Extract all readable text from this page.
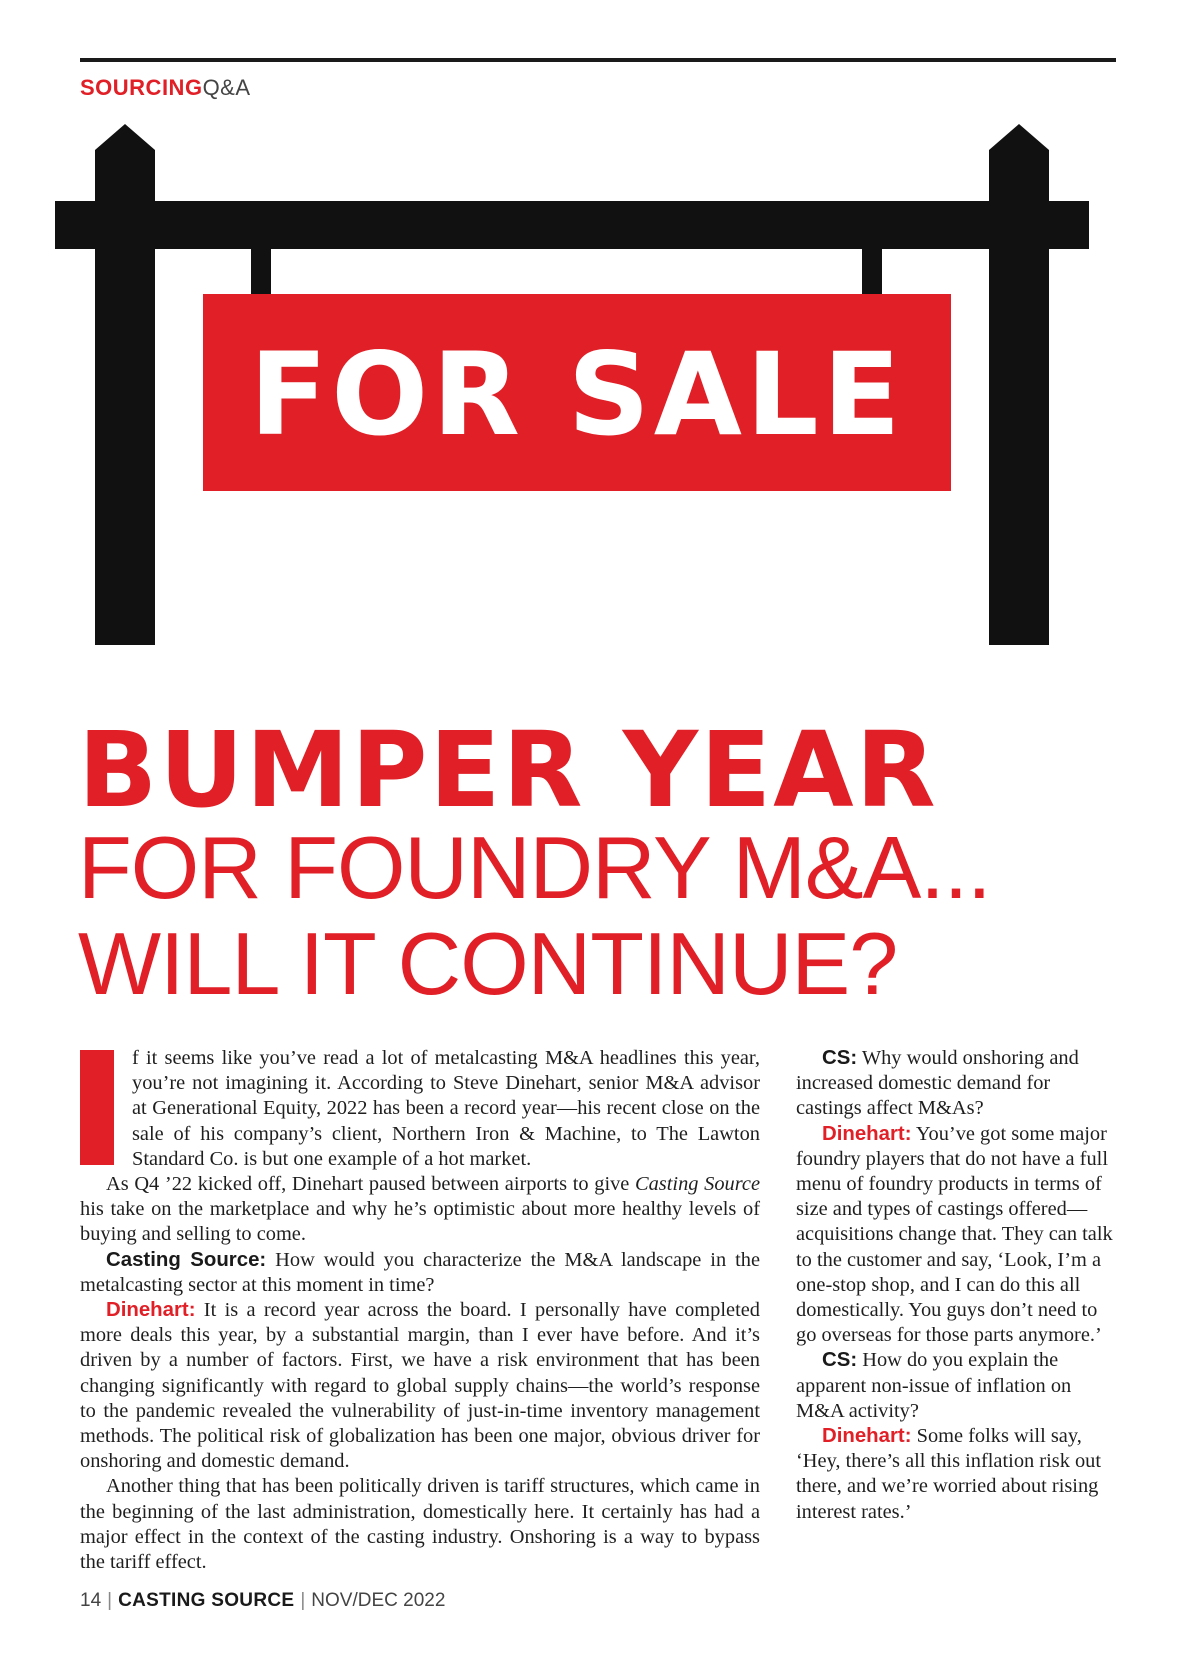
SOURCINGQ&A
FOR SALE
BUMPER YEAR
FOR FOUNDRY M&A...
WILL IT CONTINUE?

f it seems like you’ve read a lot of metalcasting M&A headlines this year, you’re not imagining it. According to Steve Dinehart, senior M&A advisor at Generational Equity, 2022 has been a record year—his recent close on the sale of his company’s client, Northern Iron & Machine, to The Lawton Standard Co. is but one example of a hot market.

As Q4 ’22 kicked off, Dinehart paused between airports to give Casting Source his take on the marketplace and why he’s optimistic about more healthy levels of buying and selling to come.

Casting Source: How would you characterize the M&A landscape in the metalcasting sector at this moment in time?

Dinehart: It is a record year across the board. I personally have completed more deals this year, by a substantial margin, than I ever have before. And it’s driven by a number of factors. First, we have a risk environment that has been changing significantly with regard to global supply chains—the world’s response to the pandemic revealed the vulnerability of just-in-time inventory management methods. The political risk of globalization has been one major, obvious driver for onshoring and domestic demand.

Another thing that has been politically driven is tariff structures, which came in the beginning of the last administration, domestically here. It certainly has had a major effect in the context of the casting industry. Onshoring is a way to bypass the tariff effect.

CS: Why would onshoring and increased domestic demand for castings affect M&As?

Dinehart: You’ve got some major foundry players that do not have a full menu of foundry products in terms of size and types of castings offered—acquisitions change that. They can talk to the customer and say, ‘Look, I’m a one-stop shop, and I can do this all domestically. You guys don’t need to go overseas for those parts anymore.’

CS: How do you explain the apparent non-issue of inflation on M&A activity?

Dinehart: Some folks will say, ‘Hey, there’s all this inflation risk out there, and we’re worried about rising interest rates.’

14 | CASTING SOURCE | NOV/DEC 2022
